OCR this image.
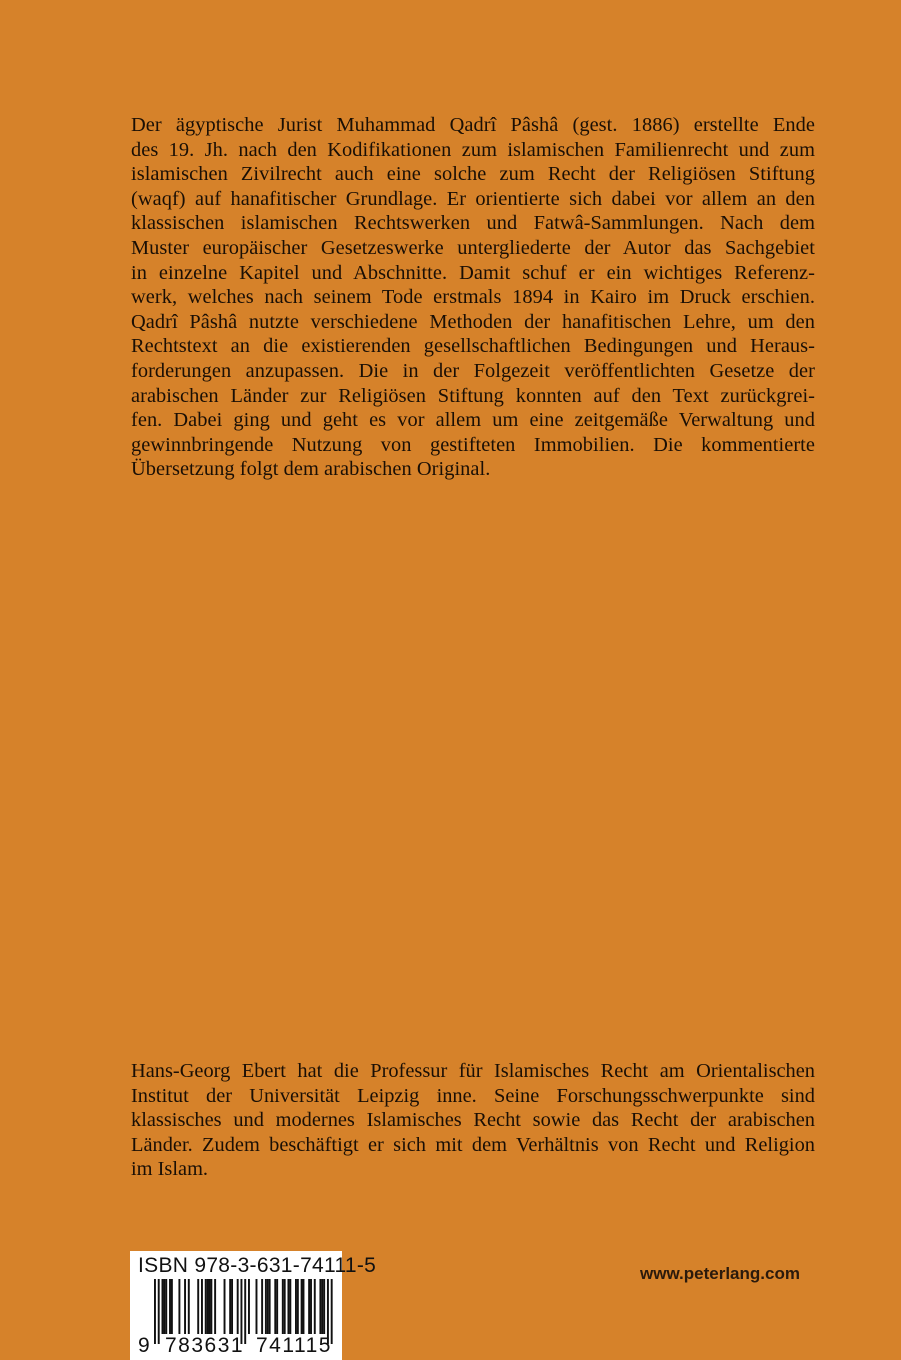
Der ägyptische Jurist Muhammad Qadrî Pâshâ (gest. 1886) erstellte Ende
des 19. Jh. nach den Kodifikationen zum islamischen Familienrecht und zum
islamischen Zivilrecht auch eine solche zum Recht der Religiösen Stiftung
(waqf) auf hanafitischer Grundlage. Er orientierte sich dabei vor allem an den
klassischen islamischen Rechtswerken und Fatwâ-Sammlungen. Nach dem
Muster europäischer Gesetzeswerke untergliederte der Autor das Sachgebiet
in einzelne Kapitel und Abschnitte. Damit schuf er ein wichtiges Referenz-
werk, welches nach seinem Tode erstmals 1894 in Kairo im Druck erschien.
Qadrî Pâshâ nutzte verschiedene Methoden der hanafitischen Lehre, um den
Rechtstext an die existierenden gesellschaftlichen Bedingungen und Heraus-
forderungen anzupassen. Die in der Folgezeit veröffentlichten Gesetze der
arabischen Länder zur Religiösen Stiftung konnten auf den Text zurückgrei-
fen. Dabei ging und geht es vor allem um eine zeitgemäße Verwaltung und
gewinnbringende Nutzung von gestifteten Immobilien. Die kommentierte
Übersetzung folgt dem arabischen Original.
Hans-Georg Ebert hat die Professur für Islamisches Recht am Orientalischen
Institut der Universität Leipzig inne. Seine Forschungsschwerpunkte sind
klassisches und modernes Islamisches Recht sowie das Recht der arabischen
Länder. Zudem beschäftigt er sich mit dem Verhältnis von Recht und Religion
im Islam.
ISBN 978-3-631-74111-5
9 783631 741115
www.peterlang.com
